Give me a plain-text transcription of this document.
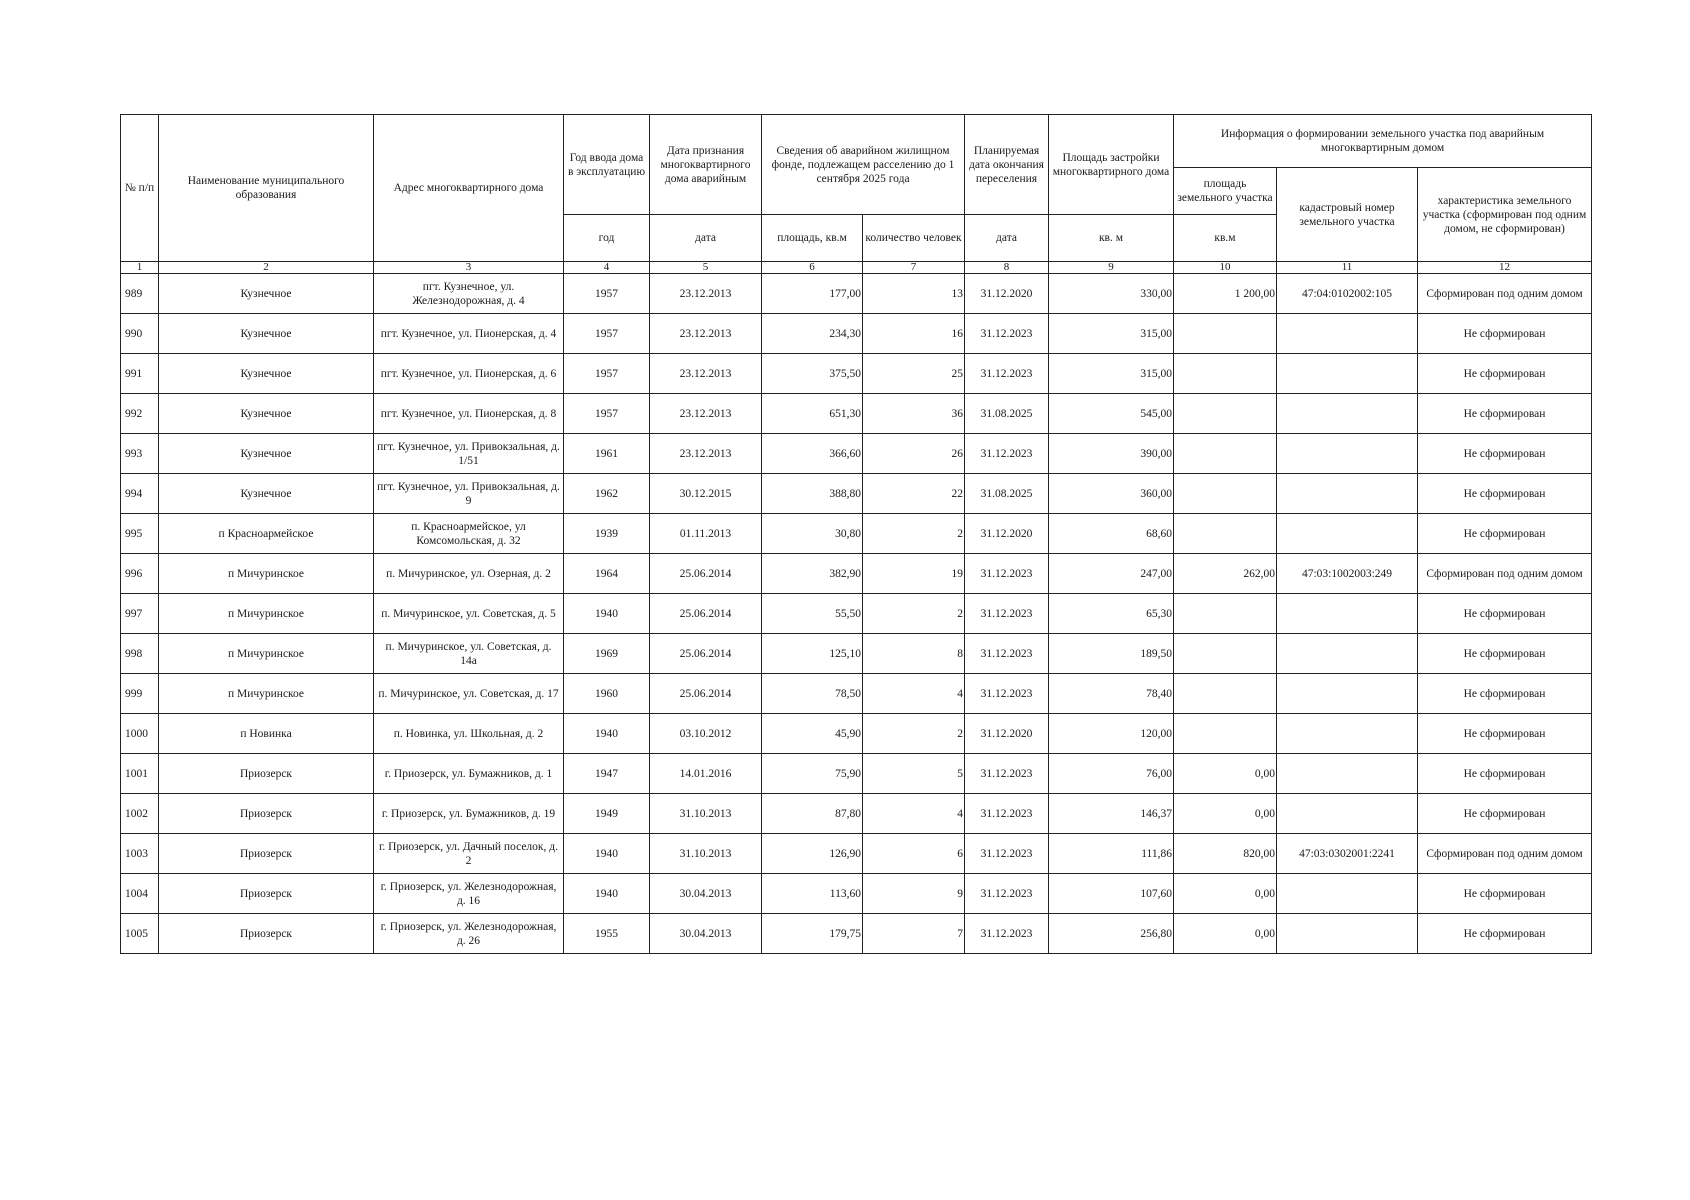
№ п/п	Наименование муниципального образования	Адрес многоквартирного дома	Год ввода дома в эксплуатацию	Дата признания многоквартирного дома аварийным	Сведения об аварийном жилищном фонде, подлежащем расселению до 1 сентября 2025 года		Планируемая дата окончания переселения	Площадь застройки многоквартирного дома	Информация о формировании земельного участка под аварийным многоквартирным домом		
									площадь земельного участка	кадастровый номер земельного участка	характеристика земельного участка (сформирован под одним домом, не сформирован)
			год	дата	площадь, кв.м	количество человек	дата	кв. м	кв.м		
1	2	3	4	5	6	7	8	9	10	11	12
989	Кузнечное	пгт. Кузнечное, ул. Железнодорожная, д. 4	1957	23.12.2013	177,00	13	31.12.2020	330,00	1 200,00	47:04:0102002:105	Сформирован под одним домом
990	Кузнечное	пгт. Кузнечное, ул. Пионерская, д. 4	1957	23.12.2013	234,30	16	31.12.2023	315,00			Не сформирован
991	Кузнечное	пгт. Кузнечное, ул. Пионерская, д. 6	1957	23.12.2013	375,50	25	31.12.2023	315,00			Не сформирован
992	Кузнечное	пгт. Кузнечное, ул. Пионерская, д. 8	1957	23.12.2013	651,30	36	31.08.2025	545,00			Не сформирован
993	Кузнечное	пгт. Кузнечное, ул. Привокзальная, д. 1/51	1961	23.12.2013	366,60	26	31.12.2023	390,00			Не сформирован
994	Кузнечное	пгт. Кузнечное, ул. Привокзальная, д. 9	1962	30.12.2015	388,80	22	31.08.2025	360,00			Не сформирован
995	п Красноармейское	п. Красноармейское, ул Комсомольская, д. 32	1939	01.11.2013	30,80	2	31.12.2020	68,60			Не сформирован
996	п Мичуринское	п. Мичуринское, ул. Озерная, д. 2	1964	25.06.2014	382,90	19	31.12.2023	247,00	262,00	47:03:1002003:249	Сформирован под одним домом
997	п Мичуринское	п. Мичуринское, ул. Советская, д. 5	1940	25.06.2014	55,50	2	31.12.2023	65,30			Не сформирован
998	п Мичуринское	п. Мичуринское, ул. Советская, д. 14а	1969	25.06.2014	125,10	8	31.12.2023	189,50			Не сформирован
999	п Мичуринское	п. Мичуринское, ул. Советская, д. 17	1960	25.06.2014	78,50	4	31.12.2023	78,40			Не сформирован
1000	п Новинка	п. Новинка, ул. Школьная, д. 2	1940	03.10.2012	45,90	2	31.12.2020	120,00			Не сформирован
1001	Приозерск	г. Приозерск, ул. Бумажников, д. 1	1947	14.01.2016	75,90	5	31.12.2023	76,00	0,00		Не сформирован
1002	Приозерск	г. Приозерск, ул. Бумажников, д. 19	1949	31.10.2013	87,80	4	31.12.2023	146,37	0,00		Не сформирован
1003	Приозерск	г. Приозерск, ул. Дачный поселок, д. 2	1940	31.10.2013	126,90	6	31.12.2023	111,86	820,00	47:03:0302001:2241	Сформирован под одним домом
1004	Приозерск	г. Приозерск, ул. Железнодорожная, д. 16	1940	30.04.2013	113,60	9	31.12.2023	107,60	0,00		Не сформирован
1005	Приозерск	г. Приозерск, ул. Железнодорожная, д. 26	1955	30.04.2013	179,75	7	31.12.2023	256,80	0,00		Не сформирован
